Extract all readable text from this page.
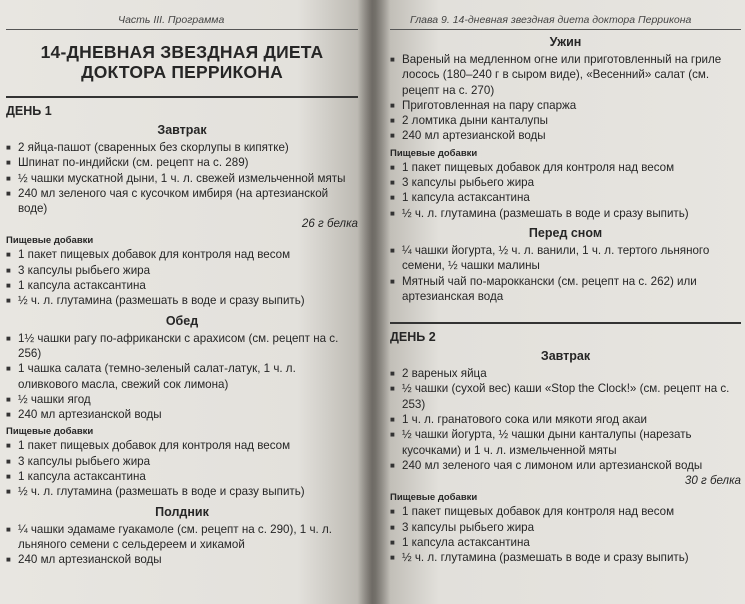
Часть III. Программа
14-ДНЕВНАЯ ЗВЕЗДНАЯ ДИЕТА
ДОКТОРА ПЕРРИКОНА
ДЕНЬ 1
Завтрак
■ 2 яйца-пашот (сваренных без скорлупы в кипятке)
■ Шпинат по-индийски (см. рецепт на с. 289)
■ ½ чашки мускатной дыни, 1 ч. л. свежей измельченной мяты
■ 240 мл зеленого чая с кусочком имбиря (на артезианской воде)
26 г белка
Пищевые добавки
■ 1 пакет пищевых добавок для контроля над весом
■ 3 капсулы рыбьего жира
■ 1 капсула астаксантина
■ ½ ч. л. глутамина (размешать в воде и сразу выпить)
Обед
■ 1½ чашки рагу по-африкански с арахисом (см. рецепт на с. 256)
■ 1 чашка салата (темно-зеленый салат-латук, 1 ч. л. оливкового масла, свежий сок лимона)
■ ½ чашки ягод
■ 240 мл артезианской воды
Пищевые добавки
■ 1 пакет пищевых добавок для контроля над весом
■ 3 капсулы рыбьего жира
■ 1 капсула астаксантина
■ ½ ч. л. глутамина (размешать в воде и сразу выпить)
Полдник
■ ¼ чашки эдамаме гуакамоле (см. рецепт на с. 290), 1 ч. л. льняного семени с сельдереем и хикамой
■ 240 мл артезианской воды
Глава 9. 14-дневная звездная диета доктора Перрикона
Ужин
■ Вареный на медленном огне или приготовленный на гриле лосось (180–240 г в сыром виде), «Весенний» салат (см. рецепт на с. 270)
■ Приготовленная на пару спаржа
■ 2 ломтика дыни канталупы
■ 240 мл артезианской воды
Пищевые добавки
■ 1 пакет пищевых добавок для контроля над весом
■ 3 капсулы рыбьего жира
■ 1 капсула астаксантина
■ ½ ч. л. глутамина (размешать в воде и сразу выпить)
Перед сном
■ ¼ чашки йогурта, ½ ч. л. ванили, 1 ч. л. тертого льняного семени, ½ чашки малины
■ Мятный чай по-мароккански (см. рецепт на с. 262) или артезианская вода
ДЕНЬ 2
Завтрак
■ 2 вареных яйца
■ ½ чашки (сухой вес) каши «Stop the Clock!» (см. рецепт на с. 253)
■ 1 ч. л. гранатового сока или мякоти ягод акаи
■ ½ чашки йогурта, ½ чашки дыни канталупы (нарезать кусочками) и 1 ч. л. измельченной мяты
■ 240 мл зеленого чая с лимоном или артезианской воды
30 г белка
Пищевые добавки
■ 1 пакет пищевых добавок для контроля над весом
■ 3 капсулы рыбьего жира
■ 1 капсула астаксантина
■ ½ ч. л. глутамина (размешать в воде и сразу выпить)
